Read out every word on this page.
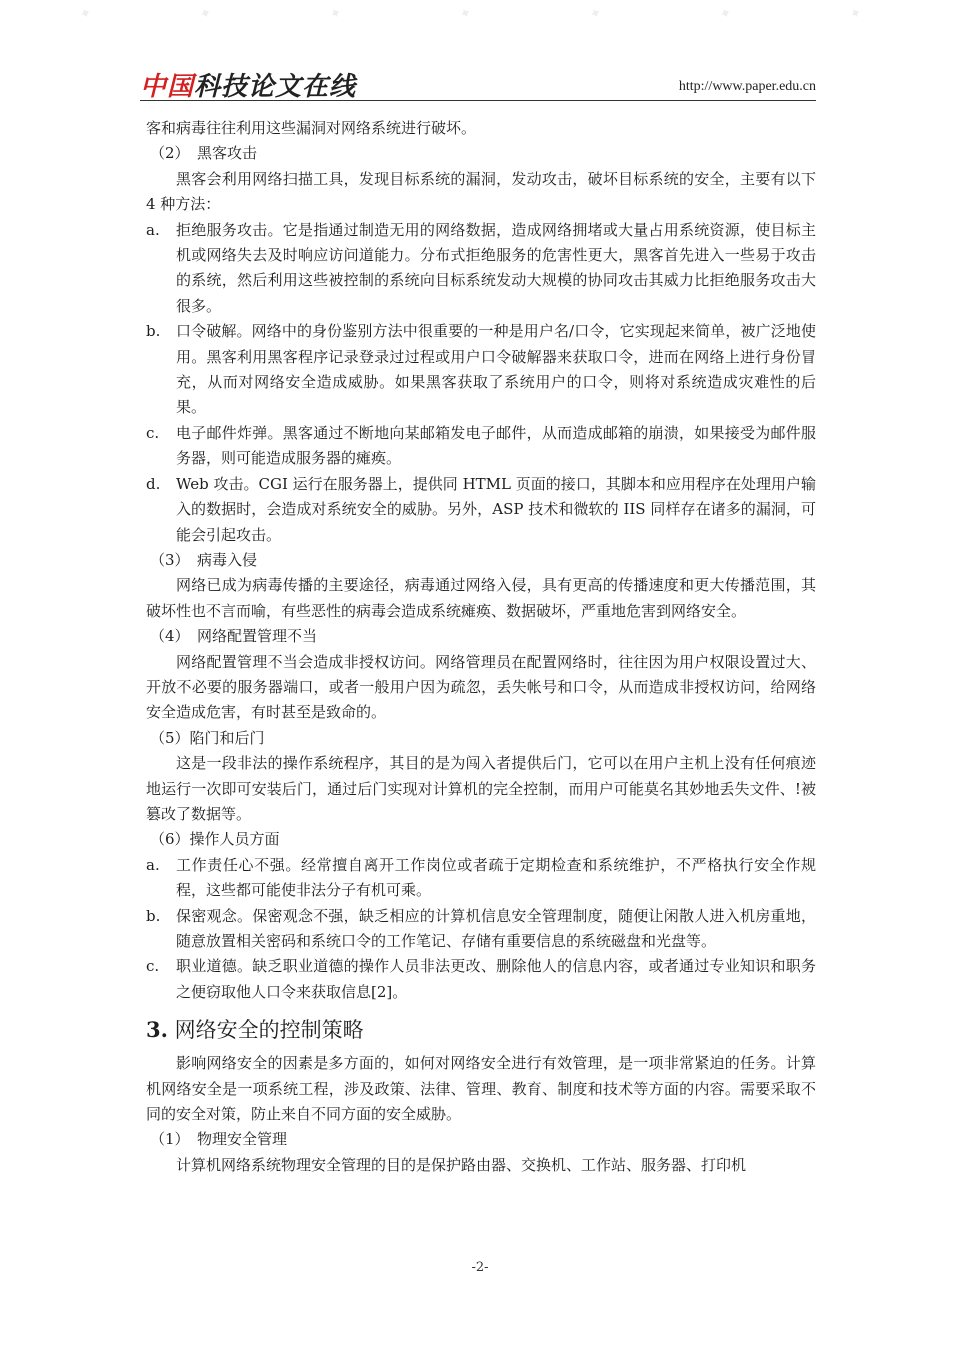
✦	✦	✦	✦	✦	✦	✦
中国科技论文在线	http://www.paper.edu.cn

客和病毒往往利用这些漏洞对网络系统进行破坏。

（2）　黑客攻击

黑客会利用网络扫描工具，发现目标系统的漏洞，发动攻击，破坏目标系统的安全，主要有以下 4 种方法：

a. 拒绝服务攻击。它是指通过制造无用的网络数据，造成网络拥堵或大量占用系统资源，使目标主机或网络失去及时响应访问道能力。分布式拒绝服务的危害性更大，黑客首先进入一些易于攻击的系统，然后利用这些被控制的系统向目标系统发动大规模的协同攻击其威力比拒绝服务攻击大很多。
b. 口令破解。网络中的身份鉴别方法中很重要的一种是用户名/口令，它实现起来简单，被广泛地使用。黑客利用黑客程序记录登录过过程或用户口令破解器来获取口令，进而在网络上进行身份冒充，从而对网络安全造成威胁。如果黑客获取了系统用户的口令，则将对系统造成灾难性的后果。
c. 电子邮件炸弹。黑客通过不断地向某邮箱发电子邮件，从而造成邮箱的崩溃，如果接受为邮件服务器，则可能造成服务器的瘫痪。
d. Web 攻击。CGI 运行在服务器上，提供同 HTML 页面的接口，其脚本和应用程序在处理用户输入的数据时，会造成对系统安全的威胁。另外，ASP 技术和微软的 IIS 同样存在诸多的漏洞，可能会引起攻击。

（3）　病毒入侵

网络已成为病毒传播的主要途径，病毒通过网络入侵，具有更高的传播速度和更大传播范围，其破坏性也不言而喻，有些恶性的病毒会造成系统瘫痪、数据破坏，严重地危害到网络安全。

（4）　网络配置管理不当

网络配置管理不当会造成非授权访问。网络管理员在配置网络时，往往因为用户权限设置过大、开放不必要的服务器端口，或者一般用户因为疏忽，丢失帐号和口令，从而造成非授权访问，给网络安全造成危害，有时甚至是致命的。

（5）陷门和后门

这是一段非法的操作系统程序，其目的是为闯入者提供后门，它可以在用户主机上没有任何痕迹地运行一次即可安装后门，通过后门实现对计算机的完全控制，而用户可能莫名其妙地丢失文件、!被篡改了数据等。

（6）操作人员方面

a. 工作责任心不强。经常擅自离开工作岗位或者疏于定期检查和系统维护，不严格执行安全作规程，这些都可能使非法分子有机可乘。
b. 保密观念。保密观念不强，缺乏相应的计算机信息安全管理制度，随便让闲散人进入机房重地，随意放置相关密码和系统口令的工作笔记、存储有重要信息的系统磁盘和光盘等。
c. 职业道德。缺乏职业道德的操作人员非法更改、删除他人的信息内容，或者通过专业知识和职务之便窃取他人口令来获取信息[2]。
3. 网络安全的控制策略

影响网络安全的因素是多方面的，如何对网络安全进行有效管理，是一项非常紧迫的任务。计算机网络安全是一项系统工程，涉及政策、法律、管理、教育、制度和技术等方面的内容。需要采取不同的安全对策，防止来自不同方面的安全威胁。

（1）　物理安全管理

计算机网络系统物理安全管理的目的是保护路由器、交换机、工作站、服务器、打印机

-2-
